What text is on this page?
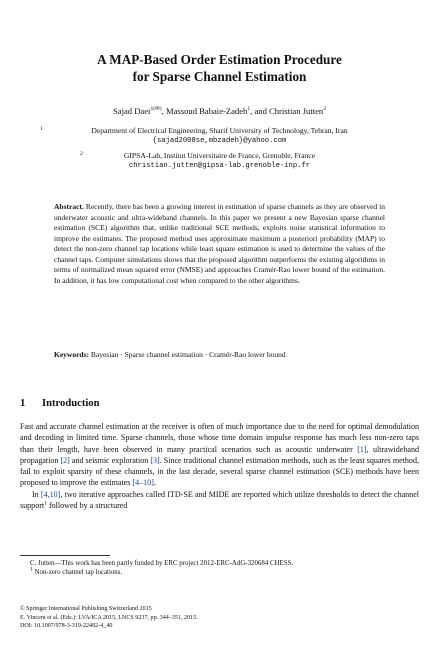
A MAP-Based Order Estimation Procedure
for Sparse Channel Estimation
Sajad Daei$^{1(✉)}$, Massoud Babaie-Zadeh$^1$, and Christian Jutten$^2$
1	Department of Electrical Engineering, Sharif University of Technology, Tehran, Iran
{sajad2008se,mbzadeh}@yahoo.com
2	GIPSA-Lab, Institut Universitaire de France, Grenoble, France
christian.jutten@gipsa-lab.grenoble-inp.fr
Abstract. Recently, there has been a growing interest in estimation of sparse channels as they are observed in underwater acoustic and ultra-wideband channels. In this paper we present a new Bayesian sparse channel estimation (SCE) algorithm that, unlike traditional SCE methods, exploits noise statistical information to improve the estimates. The proposed method uses approximate maximum a posteriori probability (MAP) to detect the non-zero channel tap locations while least square estimation is used to determine the values of the channel taps. Computer simulations shows that the proposed algorithm outperforms the existing algorithms in terms of normalized mean squared error (NMSE) and approaches Cramér-Rao lower bound of the estimation. In addition, it has low computational cost when compared to the other algorithms.
Keywords: Bayesian · Sparse channel estimation · Cramér-Rao lower bound
1 Introduction

Fast and accurate channel estimation at the receiver is often of much importance due to the need for optimal demodulation and decoding in limited time. Sparse channels, those whose time domain impulse response has much less non-zero taps than their length, have been observed in many practical scenarios such as acoustic underwater [1], ultrawideband propagation [2] and seismic exploration [3]. Since traditional channel estimation methods, such as the least squares method, fail to exploit sparsity of these channels, in the last decade, several sparse channel estimation (SCE) methods have been proposed to improve the estimates [4–10].

In [4,10], two iterative approaches called ITD-SE and MIDE are reported which utilize thresholds to detect the channel support$^1$ followed by a structured

C. Jutten—This work has been partly funded by ERC project 2012-ERC-AdG-320684 CHESS.
$^1$ Non-zero channel tap locations.
© Springer International Publishing Switzerland 2015
E. Vincent et al. (Eds.): LVA/ICA 2015, LNCS 9237, pp. 344–351, 2015.
DOI: 10.1007/978-3-319-22482-4_40
